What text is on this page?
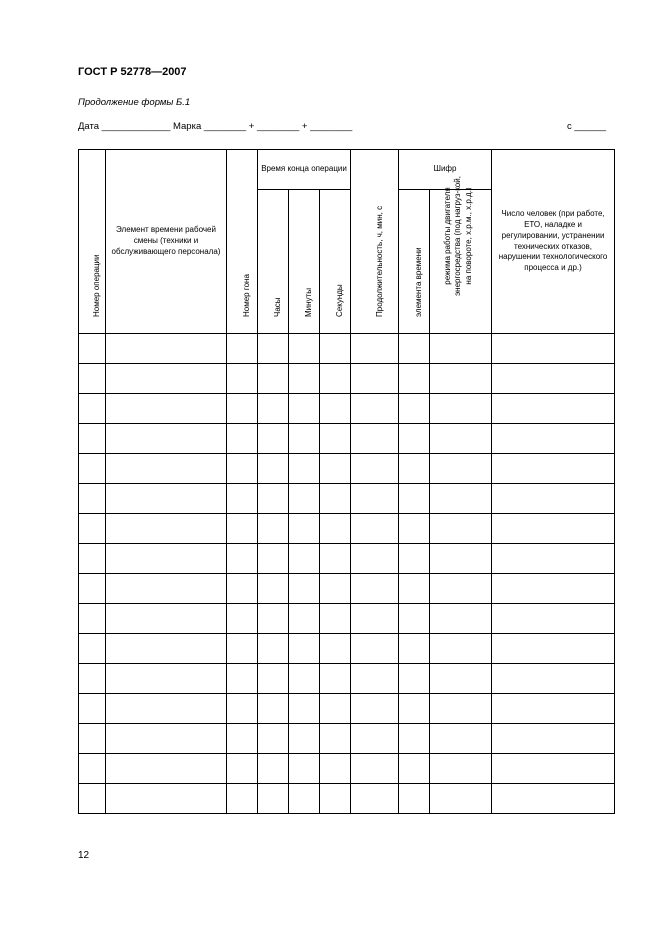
ГОСТ Р 52778—2007
Продолжение формы Б.1
Дата _____________ Марка ________ + ________ + ________	с ______
Номер операции	Элемент времени рабочей смены (техники и обслуживающего персонала)	Номер гона	Время конца операции			Продолжительность, ч, мин, с	Шифр		Число человек (при работе, ЕТО, наладке и регулировании, устранении технических отказов, нарушении технологического процесса и др.)

			Часы	Минуты	Секунды		элемента времени	режима работы двигателя энергосредства (под нагруз-кой, на повороте, х.р.м., х.р.д.)	

12
